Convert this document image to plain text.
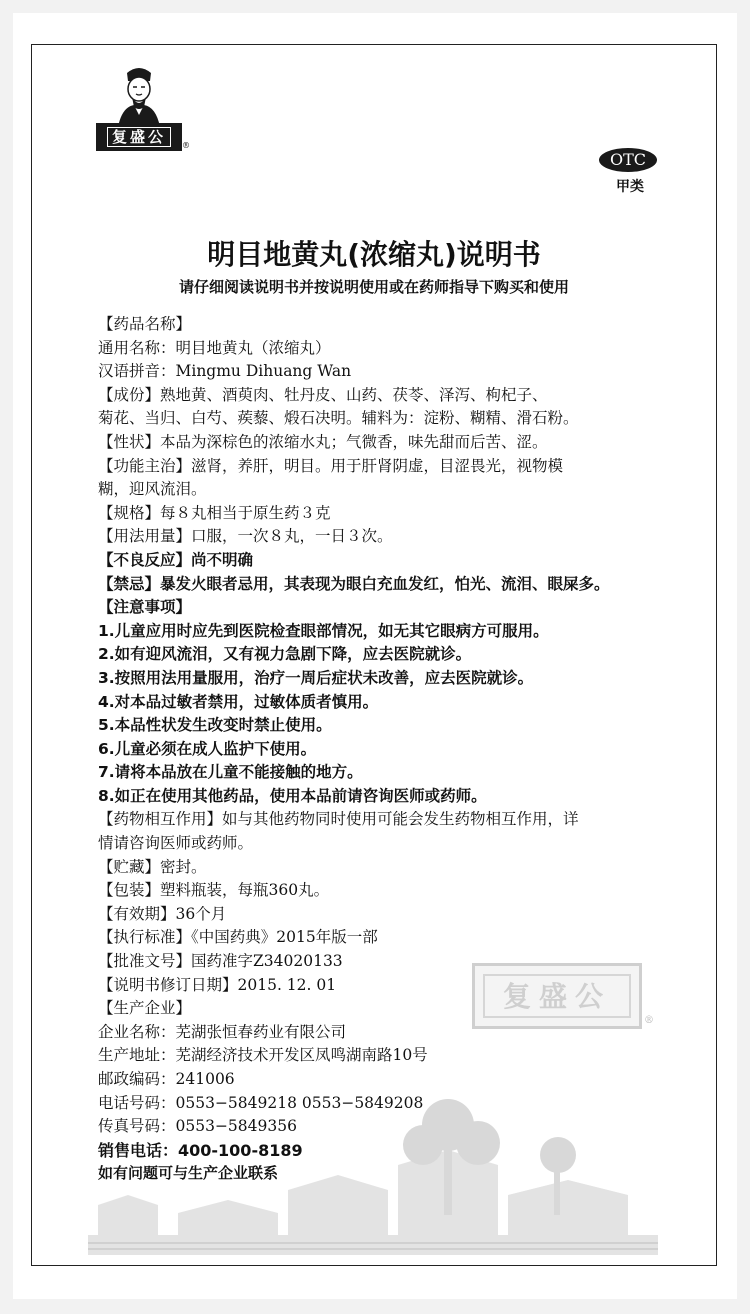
复盛公	®
OTC
甲类
明目地黄丸(浓缩丸)说明书
请仔细阅读说明书并按说明使用或在药师指导下购买和使用
【药品名称】
通用名称：明目地黄丸（浓缩丸）
汉语拼音：Mingmu Dihuang Wan
【成份】熟地黄、酒萸肉、牡丹皮、山药、茯苓、泽泻、枸杞子、
菊花、当归、白芍、蒺藜、煅石决明。辅料为：淀粉、糊精、滑石粉。
【性状】本品为深棕色的浓缩水丸；气微香，味先甜而后苦、涩。
【功能主治】滋肾，养肝，明目。用于肝肾阴虚，目涩畏光，视物模
糊，迎风流泪。
【规格】每８丸相当于原生药３克
【用法用量】口服，一次８丸，一日３次。
【不良反应】尚不明确
【禁忌】暴发火眼者忌用，其表现为眼白充血发红，怕光、流泪、眼屎多。
【注意事项】
1.儿童应用时应先到医院检查眼部情况，如无其它眼病方可服用。
2.如有迎风流泪，又有视力急剧下降，应去医院就诊。
3.按照用法用量服用，治疗一周后症状未改善，应去医院就诊。
4.对本品过敏者禁用，过敏体质者慎用。
5.本品性状发生改变时禁止使用。
6.儿童必须在成人监护下使用。
7.请将本品放在儿童不能接触的地方。
8.如正在使用其他药品，使用本品前请咨询医师或药师。
【药物相互作用】如与其他药物同时使用可能会发生药物相互作用，详
情请咨询医师或药师。
【贮藏】密封。
【包装】塑料瓶装，每瓶360丸。
【有效期】36个月
【执行标准】《中国药典》2015年版一部
【批准文号】国药准字Z34020133
【说明书修订日期】2015. 12. 01
【生产企业】
企业名称：芜湖张恒春药业有限公司
生产地址：芜湖经济技术开发区凤鸣湖南路10号
邮政编码：241006
电话号码：0553−5849218 0553−5849208
传真号码：0553−5849356
销售电话：400-100-8189
如有问题可与生产企业联系
复盛公
®
